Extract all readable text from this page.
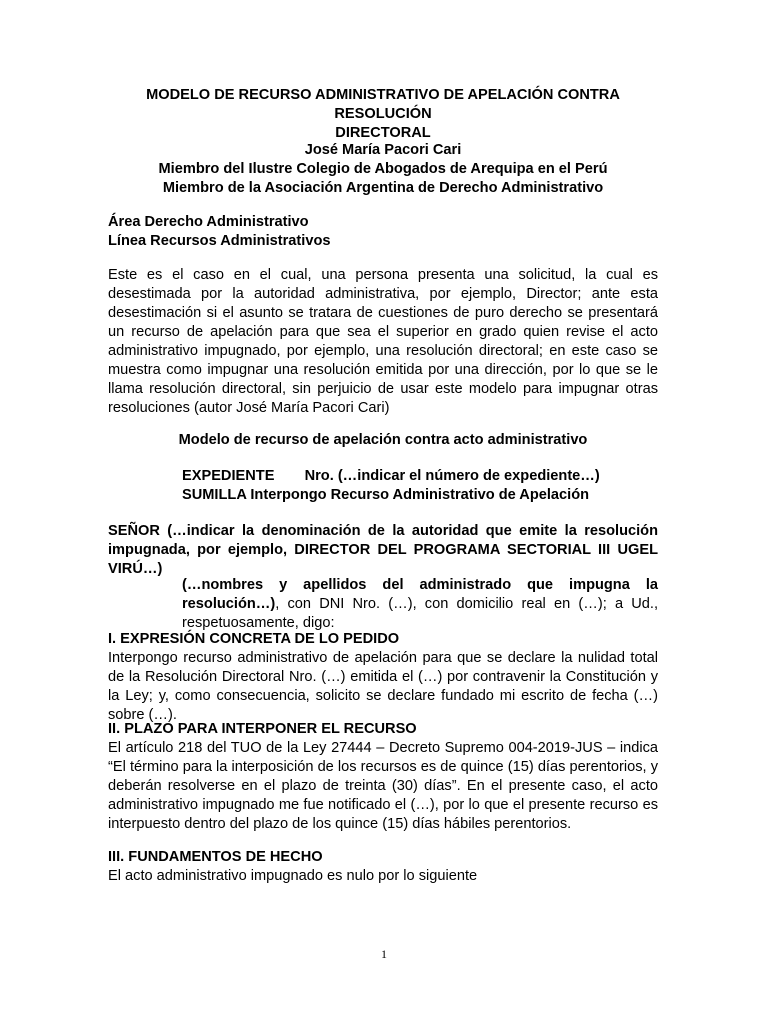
MODELO DE RECURSO ADMINISTRATIVO DE APELACIÓN CONTRA RESOLUCIÓN
DIRECTORAL

José María Pacori Cari
Miembro del Ilustre Colegio de Abogados de Arequipa en el Perú
Miembro de la Asociación Argentina de Derecho Administrativo

Área Derecho Administrativo
Línea Recursos Administrativos

Este es el caso en el cual, una persona presenta una solicitud, la cual es desestimada por la autoridad administrativa, por ejemplo, Director; ante esta desestimación si el asunto se tratara de cuestiones de puro derecho se presentará un recurso de apelación para que sea el superior en grado quien revise el acto administrativo impugnado, por ejemplo, una resolución directoral; en este caso se muestra como impugnar una resolución emitida por una dirección, por lo que se le llama resolución directoral, sin perjuicio de usar este modelo para impugnar otras resoluciones (autor José María Pacori Cari)

Modelo de recurso de apelación contra acto administrativo

EXPEDIENTE Nro. (…indicar el número de expediente…)
SUMILLA Interpongo Recurso Administrativo de Apelación

SEÑOR (…indicar la denominación de la autoridad que emite la resolución impugnada, por ejemplo, DIRECTOR DEL PROGRAMA SECTORIAL III UGEL VIRÚ…)

(…nombres y apellidos del administrado que impugna la resolución…), con DNI Nro. (…), con domicilio real en (…); a Ud., respetuosamente, digo:

I. EXPRESIÓN CONCRETA DE LO PEDIDO
Interpongo recurso administrativo de apelación para que se declare la nulidad total de la Resolución Directoral Nro. (…) emitida el (…) por contravenir la Constitución y la Ley; y, como consecuencia, solicito se declare fundado mi escrito de fecha (…) sobre (…).
II. PLAZO PARA INTERPONER EL RECURSO
El artículo 218 del TUO de la Ley 27444 – Decreto Supremo 004-2019-JUS – indica “El término para la interposición de los recursos es de quince (15) días perentorios, y deberán resolverse en el plazo de treinta (30) días”. En el presente caso, el acto administrativo impugnado me fue notificado el (…), por lo que el presente recurso es interpuesto dentro del plazo de los quince (15) días hábiles perentorios.
III. FUNDAMENTOS DE HECHO
El acto administrativo impugnado es nulo por lo siguiente
1
